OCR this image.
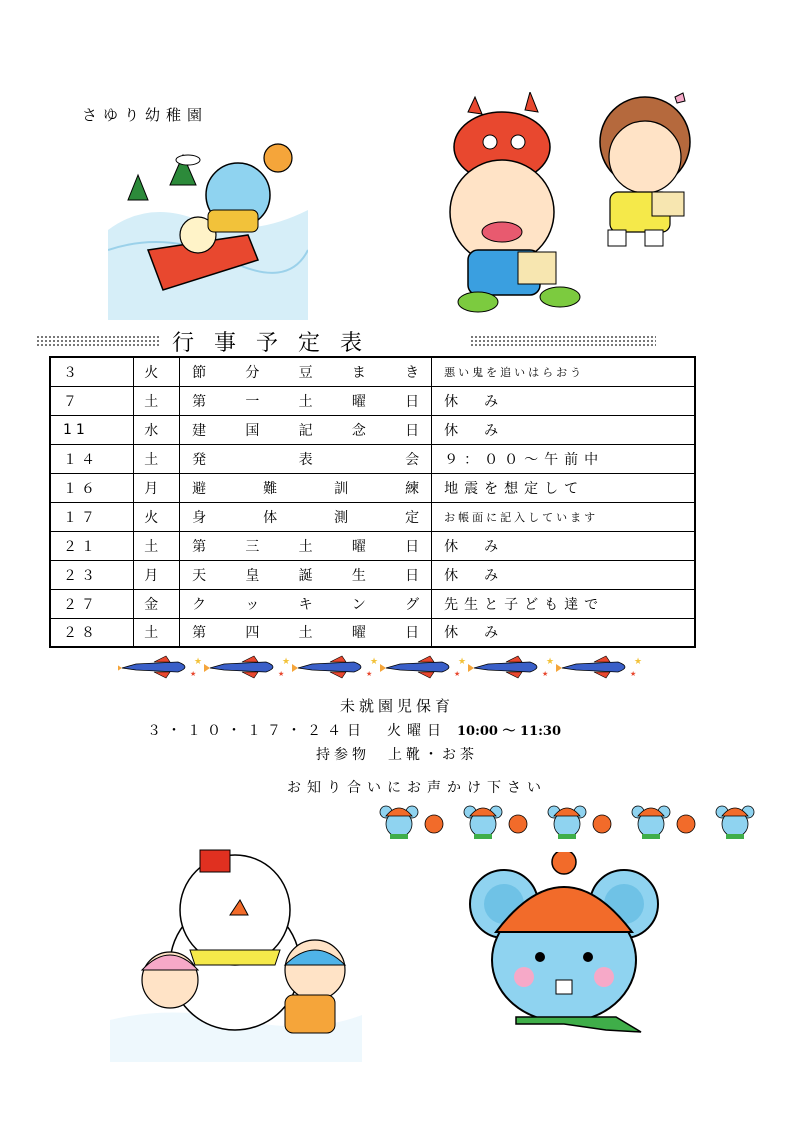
さゆり幼稚園
行事予定表
３	火	節 分 豆 ま き	悪い鬼を追いはらおう
７	土	第 一 土 曜 日	休　み
11	水	建 国 記 念 日	休　み
１４	土	発 表 会	９：００～午前中
１６	月	避 難 訓 練	地震を想定して
１７	火	身 体 測 定	お帳面に記入しています
２１	土	第 三 土 曜 日	休　み
２３	月	天 皇 誕 生 日	休　み
２７	金	ク ッ キ ン グ	先生と子ども達で
２８	土	第 四 土 曜 日	休　み
★
★
未就園児保育
３・１０・１７・２４日　火曜日 10:00 ～ 11:30
持参物　上靴・お茶
お知り合いにお声かけ下さい
